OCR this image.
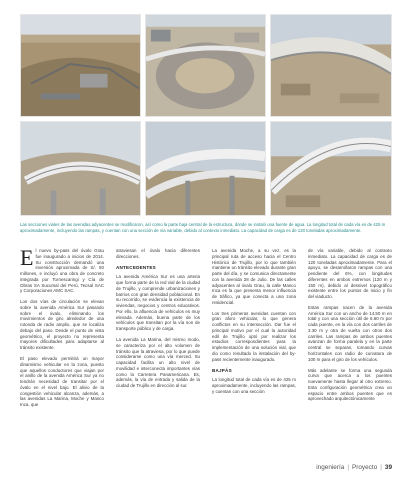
Las secciones viales de las avenidas adyacentes se modificaron, así como la parte baja central de la estructura, donde se instaló una fuente de agua. La longitud total de cada vía es de 425 m aproximadamente, incluyendo las rampas, y cuentan con una sección de vía variable, debido al contexto inmediato. La capacidad de carga es de 120 toneladas aproximadamente.

El nuevo by-pass del óvalo Grau fue inaugurado a inicios de 2014. Su construcción demandó una inversión aproximada de S/. 50 millones, e incluyó una obra de concreto integrada por Tornescaringi y Cía de Obras SA Sucursal del Perú, Tecsal SAC y Corporaciones AMC SAC.

Los dos vías de circulación se elevan sobre la avenida América Sur pasando sobre el óvalo, eliminando los movimientos de giro alrededor de una rotonda de radio amplio, que se localiza debajo del paso. Desde el punto de vista geométrico, el proyecto no representa mayores dificultades para adaptarse al tránsito existente.

El paso elevado permitirá un mayor dinamismo vehicular en la zona, puesto que aquellos conductores que viajan por el anillo de la avenida América Sur ya no tendrán necesidad de transitar por el óvalo en el nivel bajo. El alivio de la congestión vehicular alcanza, además, a las avenidas La Marina, Moche y Manco Inca, que

atraviesan el óvalo hacia diferentes direcciones.

ANTECEDENTES

La avenida América Sur es una arteria que forma parte de la red vial de la ciudad de Trujillo, y comprende urbanizaciones y barrios con gran densidad poblacional. En su recorrido, se evidencia la existencia de viviendas, negocios y centros educativos. Por ello, la afluencia de vehículos es muy elevada. Además, buena parte de los vehículos que transitan por la vía son de transporte público y de carga.

La avenida La Marina, del mismo modo, se caracteriza por el alto volumen de tránsito que la atraviesa, por lo que puede considerarse como una vía merced. Su capacidad facilita un alto nivel de movilidad e interconecta importantes vías como la Carretera Panamericana. Es, además, la vía de entrada y salida de la ciudad de Trujillo en dirección al sur.

La avenida Moche, a su vez, es la principal ruta de acceso hacia el Centro Histórico de Trujillo, por lo que también mantiene un tránsito elevado durante gran parte del día, y se comunica directamente con la avenida 28 de Julio. De las calles adyacentes al óvalo Grau, la calle Manco Inca es la que presenta menor influencia de tráfico, ya que conecta a una zona residencial.

Los tres primeras avenidas cuentan con gran aforo vehicular, lo que genera conflictos en su intersección. Dar fue el principal motivo por el cual la autoridad edil de Trujillo optó por realizar los estudios correspondientes para la implementación de una solución vial, que dio como resultado la instalación del by-pass recientemente inaugurado.

BAJPÁS

La longitud total de cada vía es de 425 m aproximadamente, incluyendo las rampas, y cuentan con una sección

de vía variable, debido al contexto inmediato. La capacidad de carga es de 120 toneladas aproximadamente. Para el apoyo, se desarrollaron rampas con una pendiente del 6%, con longitudes diferentes en ambos extremos (120 m y 150 m), debido al desnivel topográfico existente entre los puntos de inicio y fin del viaducto.

Estas rampas nacen de la avenida América Sur con un ancho de 14.50 m en total y con una sección útil de 6.60 m por cada puente, en la vía con dos carriles de 3.30 m y otra de vuelta con otros dos carriles. Las rampas de ambos puentes avanzan de forma paralela y en la parte central se separan, tomando curvas horizontales con radio de curvatura de 100 m para el giro de los vehículos.

Más adelante se forma una segunda curva que acerca a los puentes nuevamente hasta llegar al otro extremo. Esta configuración geométrica crea un espacio entre ambos puentes que es aprovechado arquitectónicamente

ingeniería | Proyecto | 39
